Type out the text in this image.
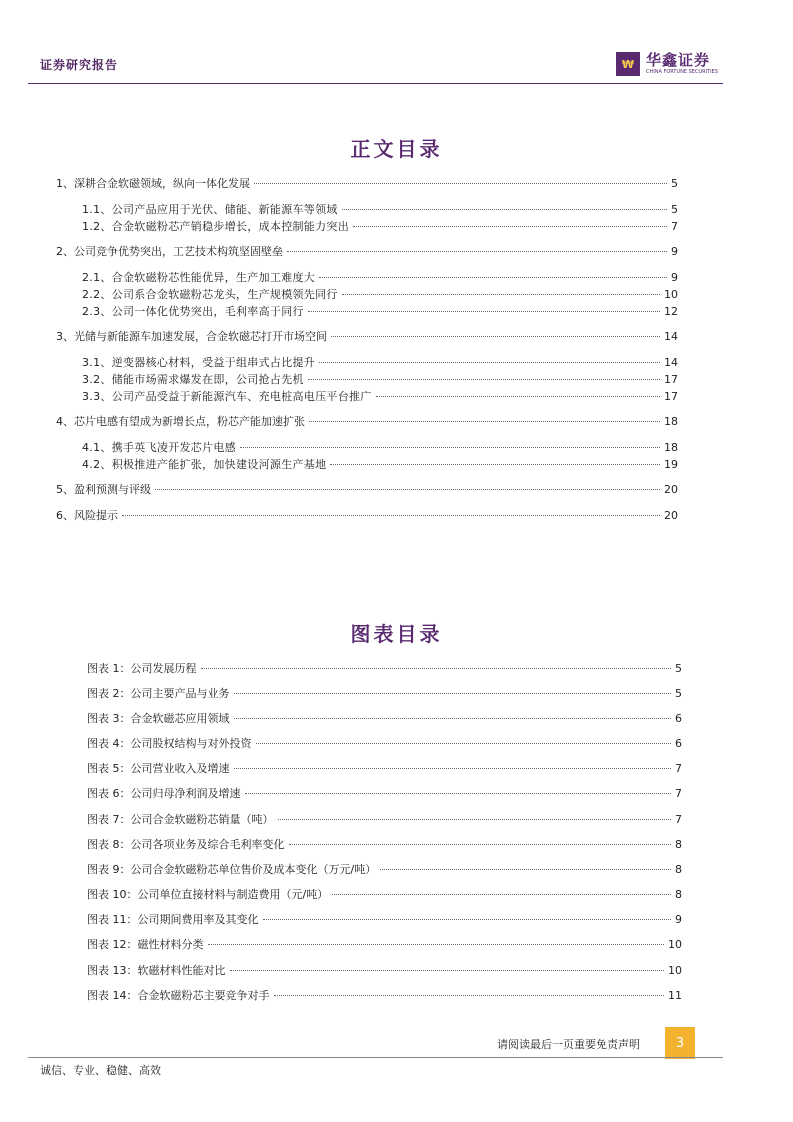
证券研究报告	₩ 华鑫证券
CHINA FORTUNE SECURITIES
正文目录
1、深耕合金软磁领域，纵向一体化发展	5
1.1、公司产品应用于光伏、储能、新能源车等领域	5
1.2、合金软磁粉芯产销稳步增长，成本控制能力突出	7
2、公司竞争优势突出，工艺技术构筑坚固壁垒	9
2.1、合金软磁粉芯性能优异，生产加工难度大	9
2.2、公司系合金软磁粉芯龙头，生产规模领先同行	10
2.3、公司一体化优势突出，毛利率高于同行	12
3、光储与新能源车加速发展，合金软磁芯打开市场空间	14
3.1、逆变器核心材料，受益于组串式占比提升	14
3.2、储能市场需求爆发在即，公司抢占先机	17
3.3、公司产品受益于新能源汽车、充电桩高电压平台推广	17
4、芯片电感有望成为新增长点，粉芯产能加速扩张	18
4.1、携手英飞凌开发芯片电感	18
4.2、积极推进产能扩张，加快建设河源生产基地	19
5、盈利预测与评级	20
6、风险提示	20
图表目录
图表 1：公司发展历程	5
图表 2：公司主要产品与业务	5
图表 3：合金软磁芯应用领域	6
图表 4：公司股权结构与对外投资	6
图表 5：公司营业收入及增速	7
图表 6：公司归母净利润及增速	7
图表 7：公司合金软磁粉芯销量（吨）	7
图表 8：公司各项业务及综合毛利率变化	8
图表 9：公司合金软磁粉芯单位售价及成本变化（万元/吨）	8
图表 10：公司单位直接材料与制造费用（元/吨）	8
图表 11：公司期间费用率及其变化	9
图表 12：磁性材料分类	10
图表 13：软磁材料性能对比	10
图表 14：合金软磁粉芯主要竞争对手	11
请阅读最后一页重要免责声明	3
诚信、专业、稳健、高效
